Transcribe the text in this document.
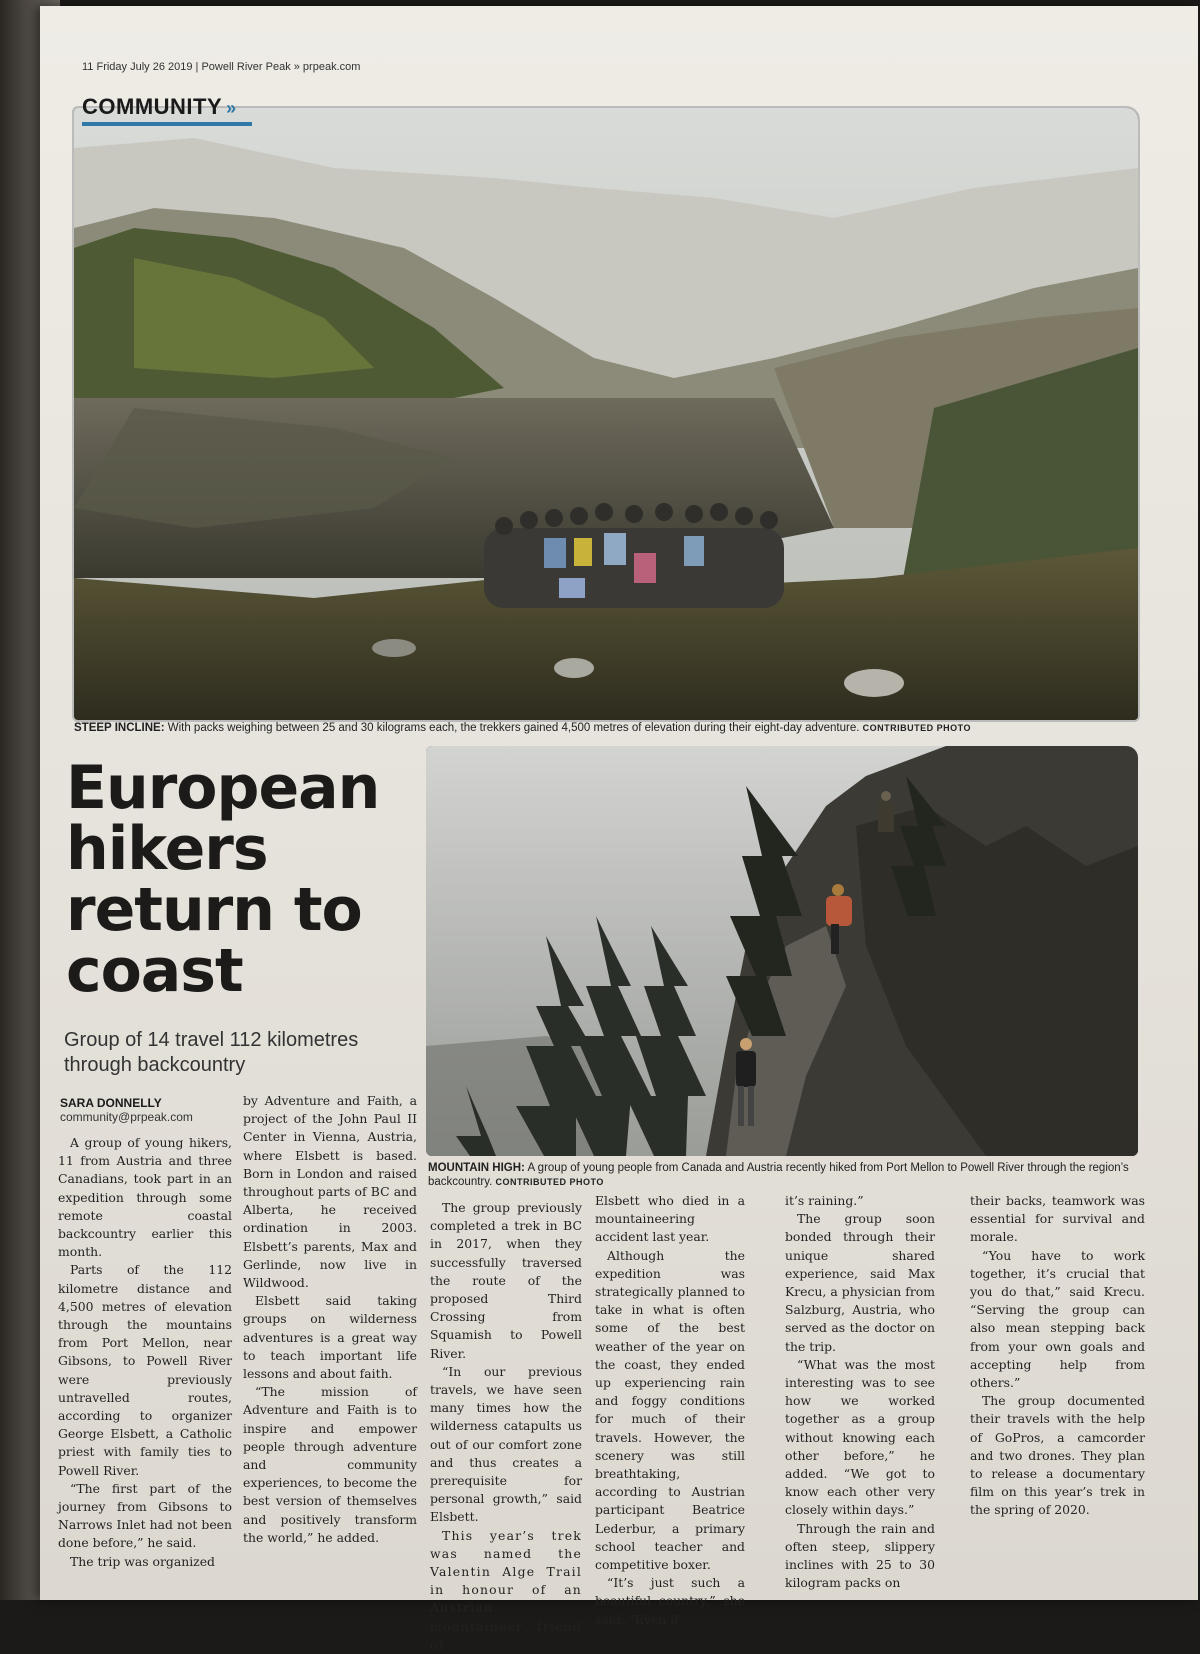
11 Friday July 26 2019 | Powell River Peak » prpeak.com
COMMUNITY »
STEEP INCLINE: With packs weighing between 25 and 30 kilograms each, the trekkers gained 4,500 metres of elevation during their eight-day adventure. CONTRIBUTED PHOTO
European hikers return to coast
Group of 14 travel 112 kilometres through backcountry
MOUNTAIN HIGH: A group of young people from Canada and Austria recently hiked from Port Mellon to Powell River through the region’s backcountry. CONTRIBUTED PHOTO
SARA DONNELLY
community@prpeak.com

A group of young hikers, 11 from Austria and three Canadians, took part in an expedition through some remote coastal backcountry earlier this month.

Parts of the 112 kilometre distance and 4,500 metres of elevation through the mountains from Port Mellon, near Gibsons, to Powell River were previously untravelled routes, according to organizer George Elsbett, a Catholic priest with family ties to Powell River.

“The first part of the journey from Gibsons to Narrows Inlet had not been done before,” he said.

The trip was organized

by Adventure and Faith, a project of the John Paul II Center in Vienna, Austria, where Elsbett is based. Born in London and raised throughout parts of BC and Alberta, he received ordination in 2003. Elsbett’s parents, Max and Gerlinde, now live in Wildwood.

Elsbett said taking groups on wilderness adventures is a great way to teach important life lessons and about faith.

“The mission of Adventure and Faith is to inspire and empower people through adventure and community experiences, to become the best version of themselves and positively transform the world,” he added.

The group previously completed a trek in BC in 2017, when they successfully traversed the route of the proposed Third Crossing from Squamish to Powell River.

“In our previous travels, we have seen many times how the wilderness catapults us out of our comfort zone and thus creates a prerequisite for personal growth,” said Elsbett.

This year’s trek was named the Valentin Alge Trail in honour of an Austrian mountaineer friend of

Elsbett who died in a mountaineering accident last year.

Although the expedition was strategically planned to take in what is often some of the best weather of the year on the coast, they ended up experiencing rain and foggy conditions for much of their travels. However, the scenery was still breathtaking, according to Austrian participant Beatrice Lederbur, a primary school teacher and competitive boxer.

“It’s just such a beautiful country,” she said. “Even if

it’s raining.”

The group soon bonded through their unique shared experience, said Max Krecu, a physician from Salzburg, Austria, who served as the doctor on the trip.

“What was the most interesting was to see how we worked together as a group without knowing each other before,” he added. “We got to know each other very closely within days.”

Through the rain and often steep, slippery inclines with 25 to 30 kilogram packs on

their backs, teamwork was essential for survival and morale.

“You have to work together, it’s crucial that you do that,” said Krecu. “Serving the group can also mean stepping back from your own goals and accepting help from others.”

The group documented their travels with the help of GoPros, a camcorder and two drones. They plan to release a documentary film on this year’s trek in the spring of 2020.
